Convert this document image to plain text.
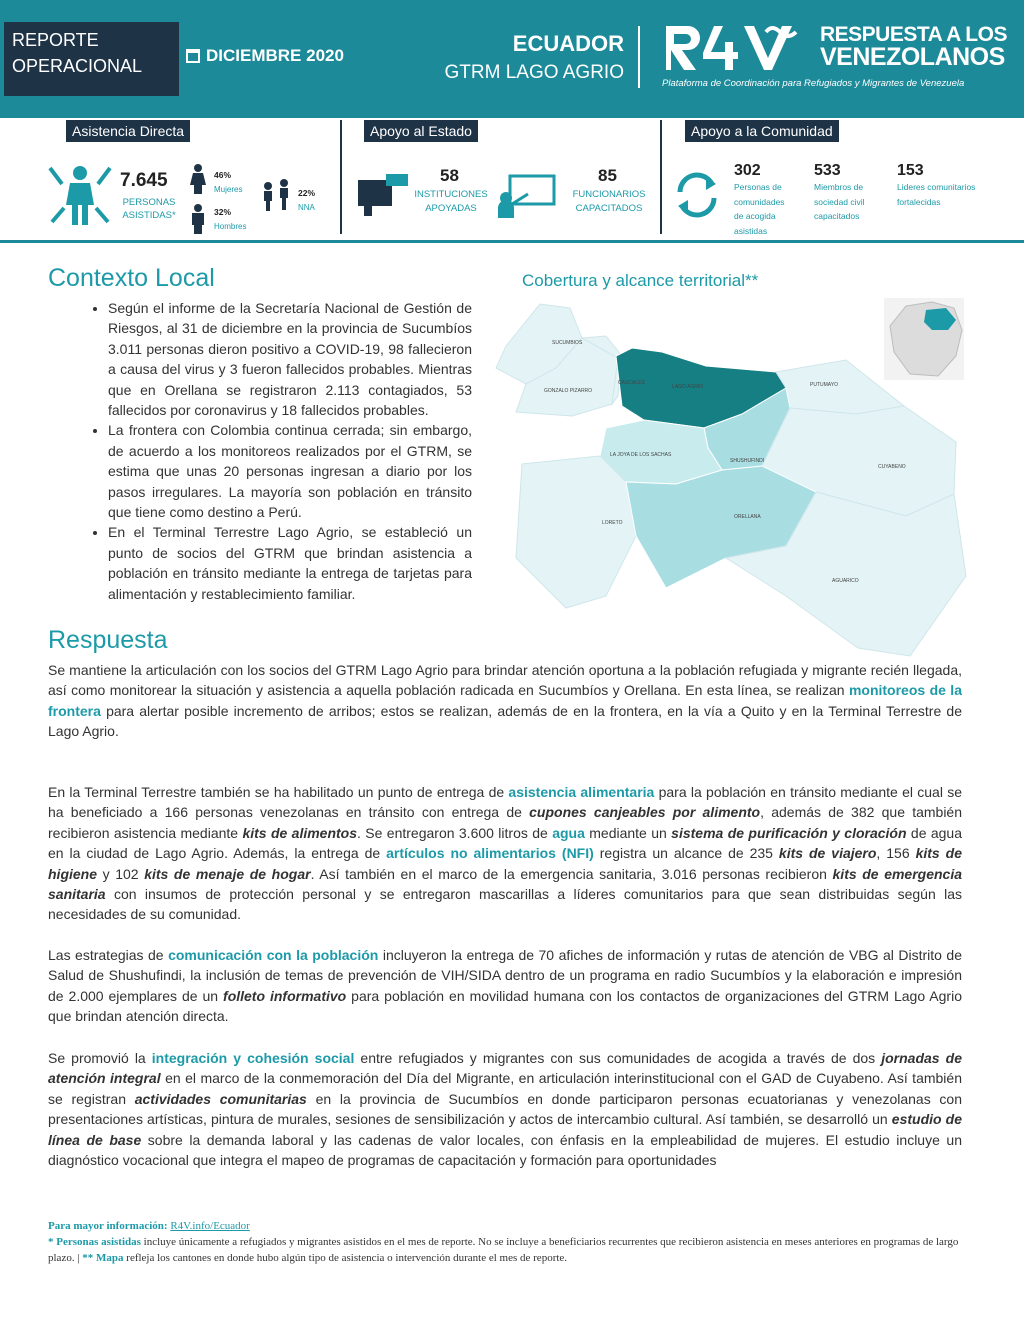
REPORTE
OPERACIONAL
DICIEMBRE 2020	ECUADOR
GTRM LAGO AGRIO
RESPUESTA A LOS
VENEZOLANOS
Plataforma de Coordinación para Refugiados y Migrantes de Venezuela
Asistencia Directa	Apoyo al Estado	Apoyo a la Comunidad
7.645
PERSONAS
ASISTIDAS*
46%
Mujeres
32%
Hombres
22%
NNA
58
INSTITUCIONES
APOYADAS
85
FUNCIONARIOS
CAPACITADOS
302
Personas de
comunidades
de acogida
asistidas
533
Miembros de
sociedad civil
capacitados
153
Lideres comunitarios
fortalecidas
Contexto Local
• Según el informe de la Secretaría Nacional de Gestión de Riesgos, al 31 de diciembre en la provincia de Sucumbíos 3.011 personas dieron positivo a COVID-19, 98 fallecieron a causa del virus y 3 fueron fallecidos probables. Mientras que en Orellana se registraron 2.113 contagiados, 53 fallecidos por coronavirus y 18 fallecidos probables.
• La frontera con Colombia continua cerrada; sin embargo, de acuerdo a los monitoreos realizados por el GTRM, se estima que unas 20 personas ingresan a diario por los pasos irregulares. La mayoría son población en tránsito que tiene como destino a Perú.
• En el Terminal Terrestre Lago Agrio, se estableció un punto de socios del GTRM que brindan asistencia a población en tránsito mediante la entrega de tarjetas para alimentación y restablecimiento familiar.
Cobertura y alcance territorial**
SUCUMBIOS
GONZALO PIZARRO
CASCALES
LAGO AGRIO	PUTUMAYO
SHUSHUFINDI
LA JOYA DE LOS SACHAS
CUYABENO
LORETO
ORELLANA
AGUARICO
Respuesta

Se mantiene la articulación con los socios del GTRM Lago Agrio para brindar atención oportuna a la población refugiada y migrante recién llegada, así como monitorear la situación y asistencia a aquella población radicada en Sucumbíos y Orellana. En esta línea, se realizan monitoreos de la frontera para alertar posible incremento de arribos; estos se realizan, además de en la frontera, en la vía a Quito y en la Terminal Terrestre de Lago Agrio.

En la Terminal Terrestre también se ha habilitado un punto de entrega de asistencia alimentaria para la población en tránsito mediante el cual se ha beneficiado a 166 personas venezolanas en tránsito con entrega de cupones canjeables por alimento, además de 382 que también recibieron asistencia mediante kits de alimentos. Se entregaron 3.600 litros de agua mediante un sistema de purificación y cloración de agua en la ciudad de Lago Agrio. Además, la entrega de artículos no alimentarios (NFI) registra un alcance de 235 kits de viajero, 156 kits de higiene y 102 kits de menaje de hogar. Así también en el marco de la emergencia sanitaria, 3.016 personas recibieron kits de emergencia sanitaria con insumos de protección personal y se entregaron mascarillas a líderes comunitarios para que sean distribuidas según las necesidades de su comunidad.

Las estrategias de comunicación con la población incluyeron la entrega de 70 afiches de información y rutas de atención de VBG al Distrito de Salud de Shushufindi, la inclusión de temas de prevención de VIH/SIDA dentro de un programa en radio Sucumbíos y la elaboración e impresión de 2.000 ejemplares de un folleto informativo para población en movilidad humana con los contactos de organizaciones del GTRM Lago Agrio que brindan atención directa.

Se promovió la integración y cohesión social entre refugiados y migrantes con sus comunidades de acogida a través de dos jornadas de atención integral en el marco de la conmemoración del Día del Migrante, en articulación interinstitucional con el GAD de Cuyabeno. Así también se registran actividades comunitarias en la provincia de Sucumbíos en donde participaron personas ecuatorianas y venezolanas con presentaciones artísticas, pintura de murales, sesiones de sensibilización y actos de intercambio cultural. Así también, se desarrolló un estudio de línea de base sobre la demanda laboral y las cadenas de valor locales, con énfasis en la empleabilidad de mujeres. El estudio incluye un diagnóstico vocacional que integra el mapeo de programas de capacitación y formación para oportunidades

Para mayor información: R4V.info/Ecuador
* Personas asistidas incluye únicamente a refugiados y migrantes asistidos en el mes de reporte. No se incluye a beneficiarios recurrentes que recibieron asistencia en meses anteriores en programas de largo plazo. | ** Mapa refleja los cantones en donde hubo algún tipo de asistencia o intervención durante el mes de reporte.
